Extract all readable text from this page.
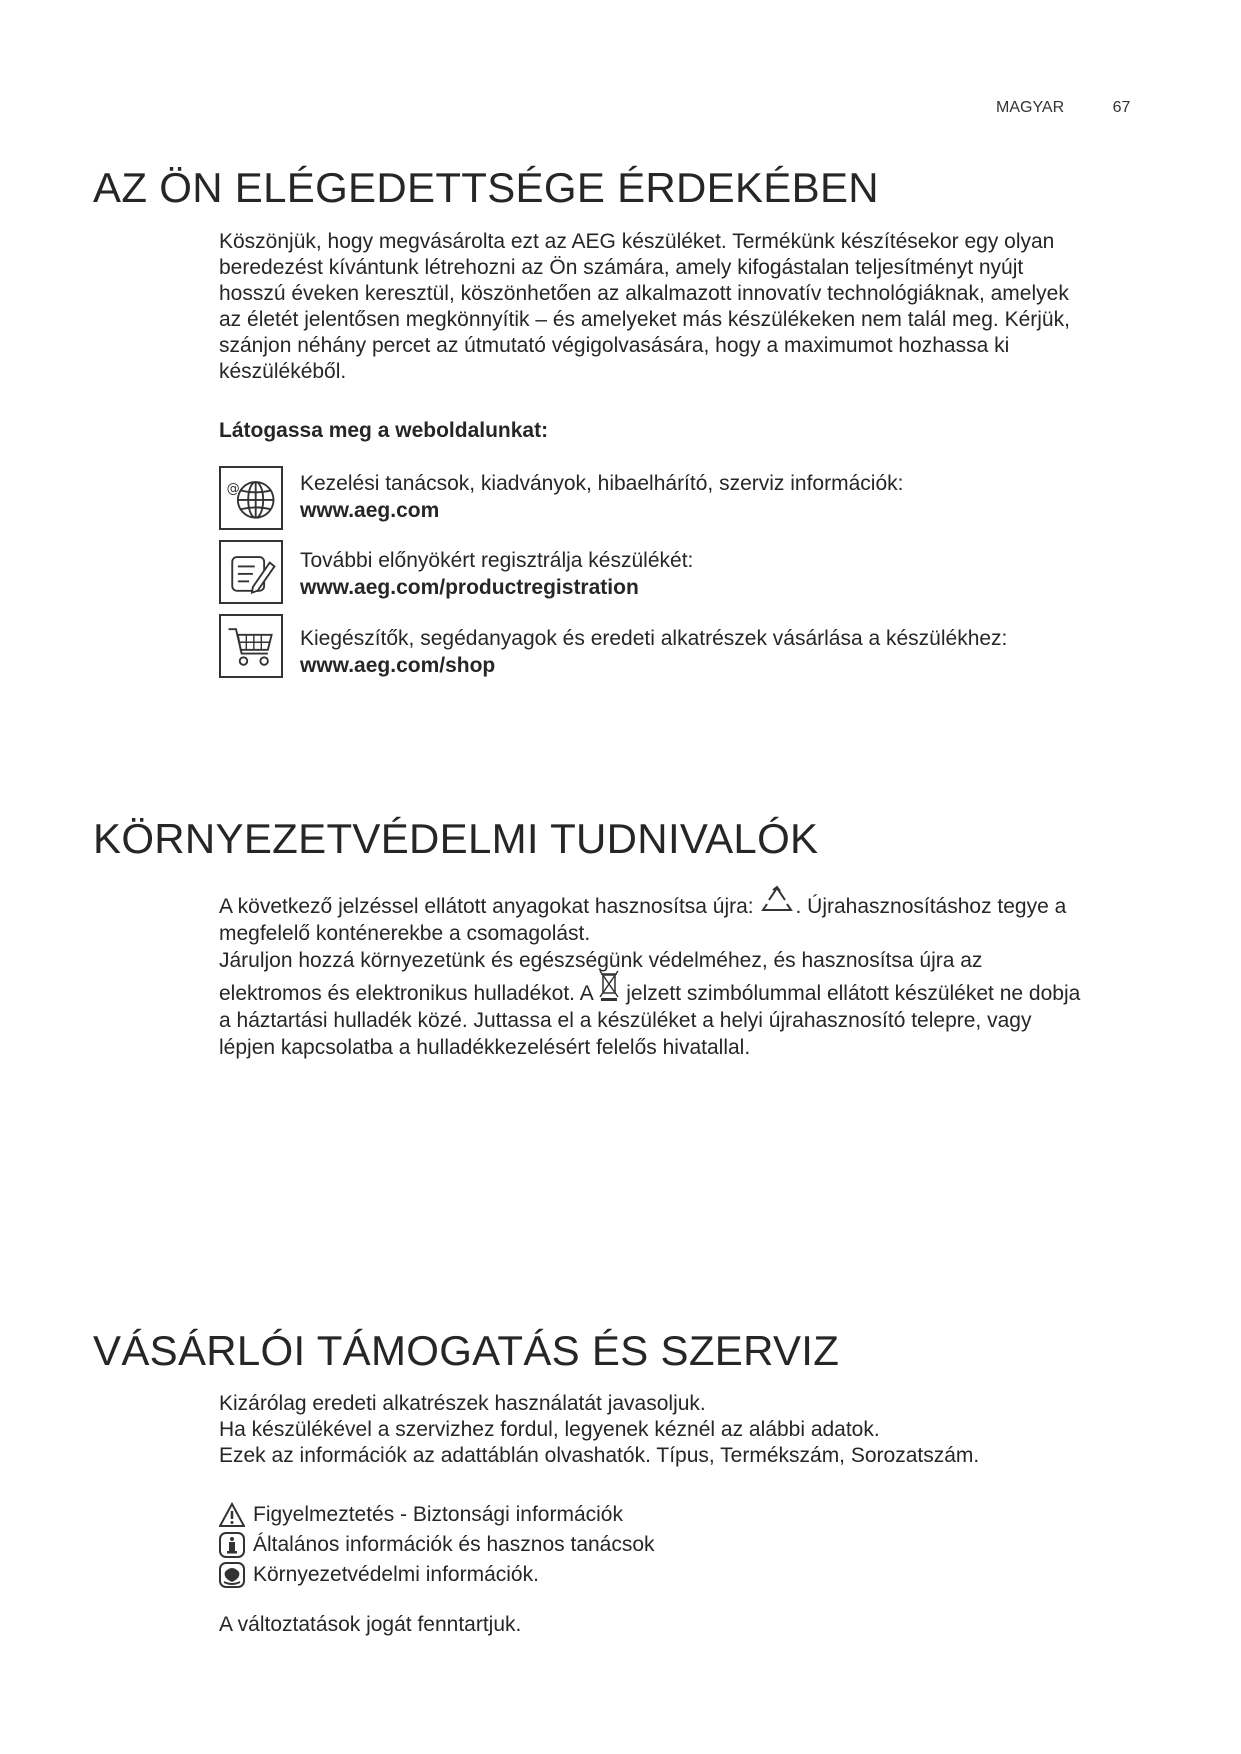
MAGYAR	67
AZ ÖN ELÉGEDETTSÉGE ÉRDEKÉBEN

Köszönjük, hogy megvásárolta ezt az AEG készüléket. Termékünk készítésekor egy olyan

beredezést kívántunk létrehozni az Ön számára, amely kifogástalan teljesítményt nyújt

hosszú éveken keresztül, köszönhetően az alkalmazott innovatív technológiáknak, amelyek

az életét jelentősen megkönnyítik – és amelyeket más készülékeken nem talál meg. Kérjük,

szánjon néhány percet az útmutató végigolvasására, hogy a maximumot hozhassa ki

készülékéből.

Látogassa meg a weboldalunkat:
@	Kezelési tanácsok, kiadványok, hibaelhárító, szerviz információk:
www.aeg.com
További előnyökért regisztrálja készülékét:
www.aeg.com/productregistration
Kiegészítők, segédanyagok és eredeti alkatrészek vásárlása a készülékhez:
www.aeg.com/shop
KÖRNYEZETVÉDELMI TUDNIVALÓK

A következő jelzéssel ellátott anyagokat hasznosítsa újra: . Újrahasznosításhoz tegye a

megfelelő konténerekbe a csomagolást.

Járuljon hozzá környezetünk és egészségünk védelméhez, és hasznosítsa újra az

elektromos és elektronikus hulladékot. A jelzett szimbólummal ellátott készüléket ne dobja

a háztartási hulladék közé. Juttassa el a készüléket a helyi újrahasznosító telepre, vagy

lépjen kapcsolatba a hulladékkezelésért felelős hivatallal.

VÁSÁRLÓI TÁMOGATÁS ÉS SZERVIZ

Kizárólag eredeti alkatrészek használatát javasoljuk.

Ha készülékével a szervizhez fordul, legyenek kéznél az alábbi adatok.

Ezek az információk az adattáblán olvashatók. Típus, Termékszám, Sorozatszám.

Figyelmeztetés - Biztonsági információk
Általános információk és hasznos tanácsok
Környezetvédelmi információk.
A változtatások jogát fenntartjuk.
